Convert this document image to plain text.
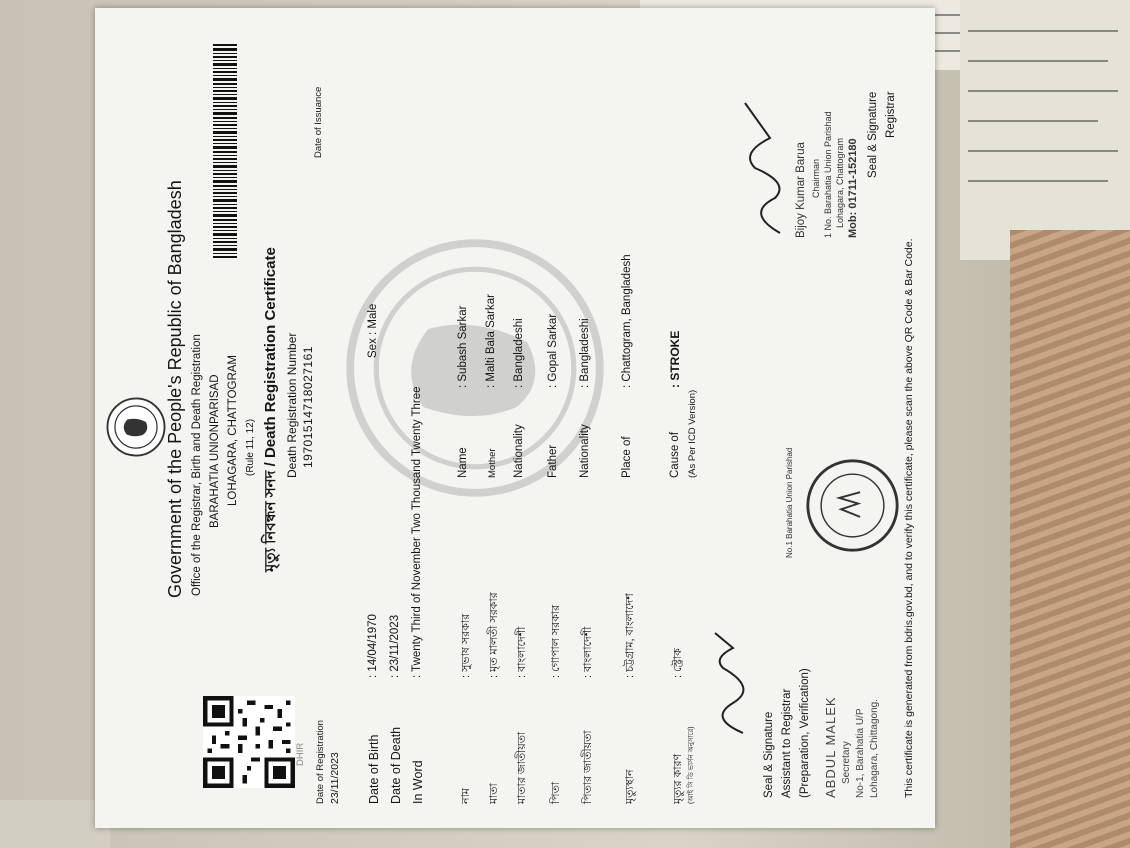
Government of the People's Republic of Bangladesh Office of the Registrar, Birth and Death Registration BARAHATIA UNIONPARISAD LOHAGARA, CHATTOGRAM (Rule 11, 12) মৃত্যু নিবন্ধন সনদ / Death Registration Certificate Death Registration Number 19701514718027161
Date of Issuance
Date of Registration 23/11/2023
DHIR	Date of Birth
: 14/04/1970
Sex : Male
Date of Death
: 23/11/2023
In Word
: Twenty Third of November Two Thousand Twenty Three
নাম
: সুভাষ সরকার
Name
: Subash Sarkar
মাতা
: মৃত মালতী সরকার
Mother
: Malti Bala Sarkar
মাতার জাতীয়তা
: বাংলাদেশী
Nationality
: Bangladeshi
পিতা
: গোপাল সরকার
Father
: Gopal Sarkar
পিতার জাতীয়তা
: বাংলাদেশী
Nationality
: Bangladeshi
মৃত্যুস্থান
: চট্টগ্রাম, বাংলাদেশ
Place of
: Chattogram, Bangladesh
মৃত্যুর কারণ (আই সি ডি ভার্সন অনুসারে)
: স্ট্রোক
Cause of (As Per ICD Version)
: STROKE
Seal & Signature Assistant to Registrar (Preparation, Verification) ABDUL MALEK Secretary No-1, Barahatia U/P Lohagara, Chittagong.
No.1 Barahatia Union Parishad
Bijoy Kumar Barua Chairman 1 No. Barahatia Union Parishad Lohagara, Chattogram Mob: 01711-152180
Seal & Signature Registrar
This certificate is generated from bdris.gov.bd, and to verify this certificate, please scan the above QR Code & Bar Code.
